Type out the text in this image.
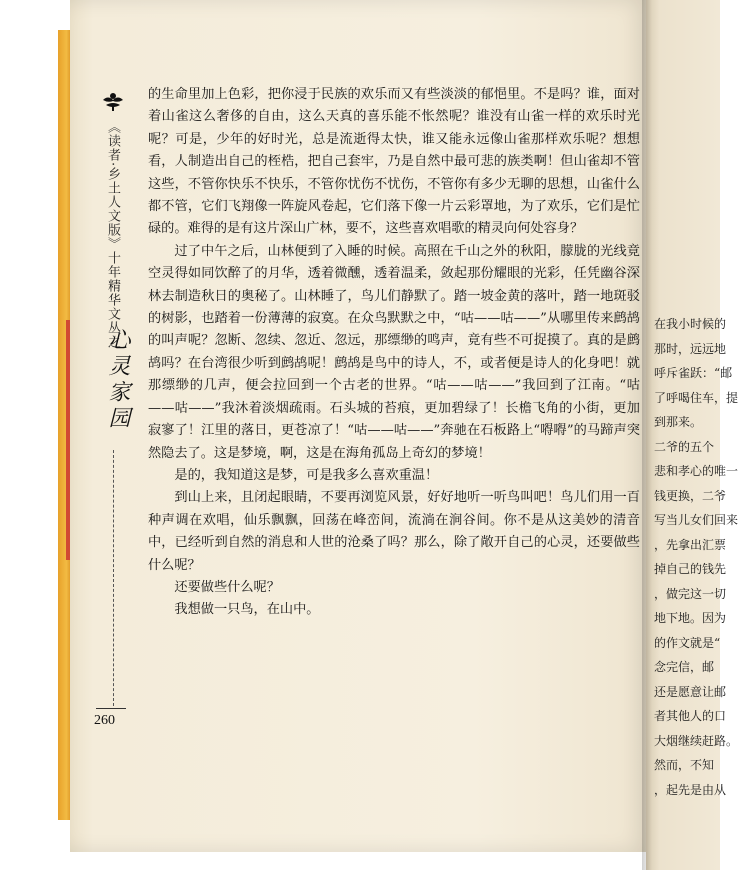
《读者·乡土人文版》十年精华文丛之
心灵家园
260

的生命里加上色彩，把你浸于民族的欢乐而又有些淡淡的郁悒里。不是吗？谁，面对着山雀这么奢侈的自由，这么天真的喜乐能不怅然呢？谁没有山雀一样的欢乐时光呢？可是，少年的好时光，总是流逝得太快，谁又能永远像山雀那样欢乐呢？想想看，人制造出自己的桎梏，把自己套牢，乃是自然中最可悲的族类啊！但山雀却不管这些，不管你快乐不快乐，不管你忧伤不忧伤，不管你有多少无聊的思想，山雀什么都不管，它们飞翔像一阵旋风卷起，它们落下像一片云彩罩地，为了欢乐，它们是忙碌的。难得的是有这片深山广林，要不，这些喜欢唱歌的精灵向何处容身？

过了中午之后，山林便到了入睡的时候。高照在千山之外的秋阳，朦胧的光线竟空灵得如同饮醉了的月华，透着微醺，透着温柔，敛起那份耀眼的光彩，任凭幽谷深林去制造秋日的奥秘了。山林睡了，鸟儿们静默了。踏一坡金黄的落叶，踏一地斑驳的树影，也踏着一份薄薄的寂寞。在众鸟默默之中，“咕——咕——”从哪里传来鹧鸪的叫声呢？忽断、忽续、忽近、忽远，那缥缈的鸣声，竟有些不可捉摸了。真的是鹧鸪吗？在台湾很少听到鹧鸪呢！鹧鸪是鸟中的诗人，不，或者便是诗人的化身吧！就那缥缈的几声，便会拉回到一个古老的世界。“咕——咕——”我回到了江南。“咕——咕——”我沐着淡烟疏雨。石头城的苔痕，更加碧绿了！长檐飞角的小街，更加寂寥了！江里的落日，更苍凉了！“咕——咕——”奔驰在石板路上“嘚嘚”的马蹄声突然隐去了。这是梦境，啊，这是在海角孤岛上奇幻的梦境！

是的，我知道这是梦，可是我多么喜欢重温！

到山上来，且闭起眼睛，不要再浏览风景，好好地听一听鸟叫吧！鸟儿们用一百种声调在欢唱，仙乐飘飘，回荡在峰峦间，流淌在涧谷间。你不是从这美妙的清音中，已经听到自然的消息和人世的沧桑了吗？那么，除了敞开自己的心灵，还要做些什么呢？

还要做些什么呢？

我想做一只鸟，在山中。

在我小时候的
那时，远远地
呼斥雀跃：“邮
了呼喝住车，提
到那来。
二爷的五个
悲和孝心的唯一
钱更换，二爷
写当儿女们回来
，先拿出汇票
掉自己的钱先
，做完这一切
地下地。因为
的作文就是“
念完信，邮
还是愿意让邮
者其他人的口
大烟继续赶路。
然而，不知
，起先是由从
